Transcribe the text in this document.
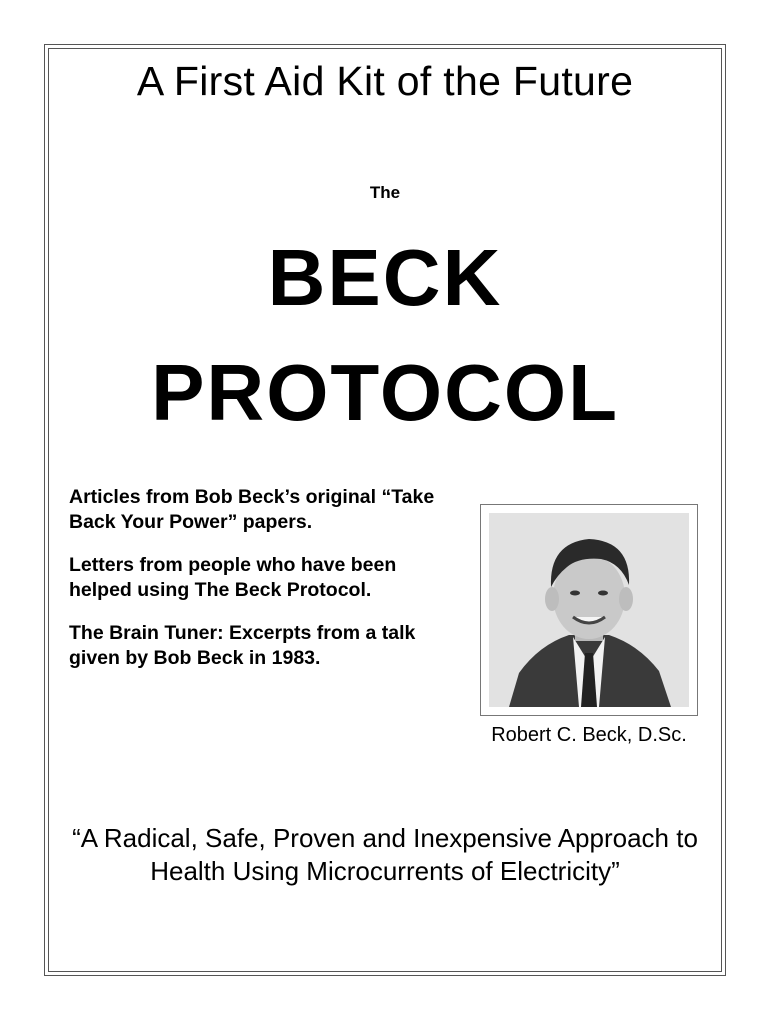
A First Aid Kit of the Future
The
BECK
PROTOCOL

Articles from Bob Beck’s original “Take Back Your Power” papers.

Letters from people who have been helped using The Beck Protocol.

The Brain Tuner: Excerpts from a talk given by Bob Beck in 1983.

Robert C. Beck, D.Sc.
“A Radical, Safe, Proven and Inexpensive Approach to Health Using Microcurrents of Electricity”
